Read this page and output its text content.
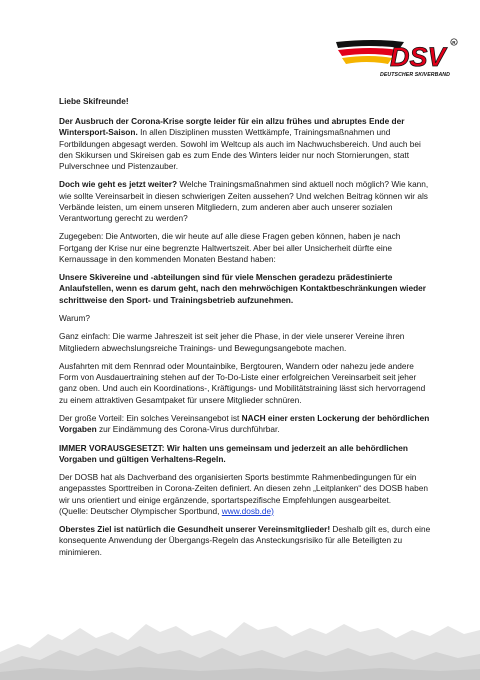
DSV	R
DEUTSCHER SKIVERBAND

Liebe Skifreunde!

Der Ausbruch der Corona-Krise sorgte leider für ein allzu frühes und abruptes Ende der Wintersport-Saison. In allen Disziplinen mussten Wettkämpfe, Trainingsmaßnahmen und Fortbildungen abgesagt werden. Sowohl im Weltcup als auch im Nachwuchsbereich. Und auch bei den Skikursen und Skireisen gab es zum Ende des Winters leider nur noch Stornierungen, statt Pulverschnee und Pistenzauber.

Doch wie geht es jetzt weiter? Welche Trainingsmaßnahmen sind aktuell noch möglich? Wie kann, wie sollte Vereinsarbeit in diesen schwierigen Zeiten aussehen? Und welchen Beitrag können wir als Verbände leisten, um einem unseren Mitgliedern, zum anderen aber auch unserer sozialen Verantwortung gerecht zu werden?

Zugegeben: Die Antworten, die wir heute auf alle diese Fragen geben können, haben je nach Fortgang der Krise nur eine begrenzte Haltwertszeit. Aber bei aller Unsicherheit dürfte eine Kernaussage in den kommenden Monaten Bestand haben:

Unsere Skivereine und -abteilungen sind für viele Menschen geradezu prädestinierte Anlaufstellen, wenn es darum geht, nach den mehrwöchigen Kontaktbeschränkungen wieder schrittweise den Sport- und Trainingsbetrieb aufzunehmen.

Warum?

Ganz einfach: Die warme Jahreszeit ist seit jeher die Phase, in der viele unserer Vereine ihren Mitgliedern abwechslungsreiche Trainings- und Bewegungsangebote machen.

Ausfahrten mit dem Rennrad oder Mountainbike, Bergtouren, Wandern oder nahezu jede andere Form von Ausdauertraining stehen auf der To-Do-Liste einer erfolgreichen Vereinsarbeit seit jeher ganz oben. Und auch ein Koordinations-, Kräftigungs- und Mobilitätstraining lässt sich hervorragend zu einem attraktiven Gesamtpaket für unsere Mitglieder schnüren.

Der große Vorteil: Ein solches Vereinsangebot ist NACH einer ersten Lockerung der behördlichen Vorgaben zur Eindämmung des Corona-Virus durchführbar.

IMMER VORAUSGESETZT: Wir halten uns gemeinsam und jederzeit an alle behördlichen Vorgaben und gültigen Verhaltens-Regeln.

Der DOSB hat als Dachverband des organisierten Sports bestimmte Rahmenbedingungen für ein angepasstes Sporttreiben in Corona-Zeiten definiert. An diesen zehn „Leitplanken“ des DOSB haben wir uns orientiert und einige ergänzende, sportartspezifische Empfehlungen ausgearbeitet.
(Quelle: Deutscher Olympischer Sportbund, www.dosb.de)

Oberstes Ziel ist natürlich die Gesundheit unserer Vereinsmitglieder! Deshalb gilt es, durch eine konsequente Anwendung der Übergangs-Regeln das Ansteckungsrisiko für alle Beteiligten zu minimieren.
